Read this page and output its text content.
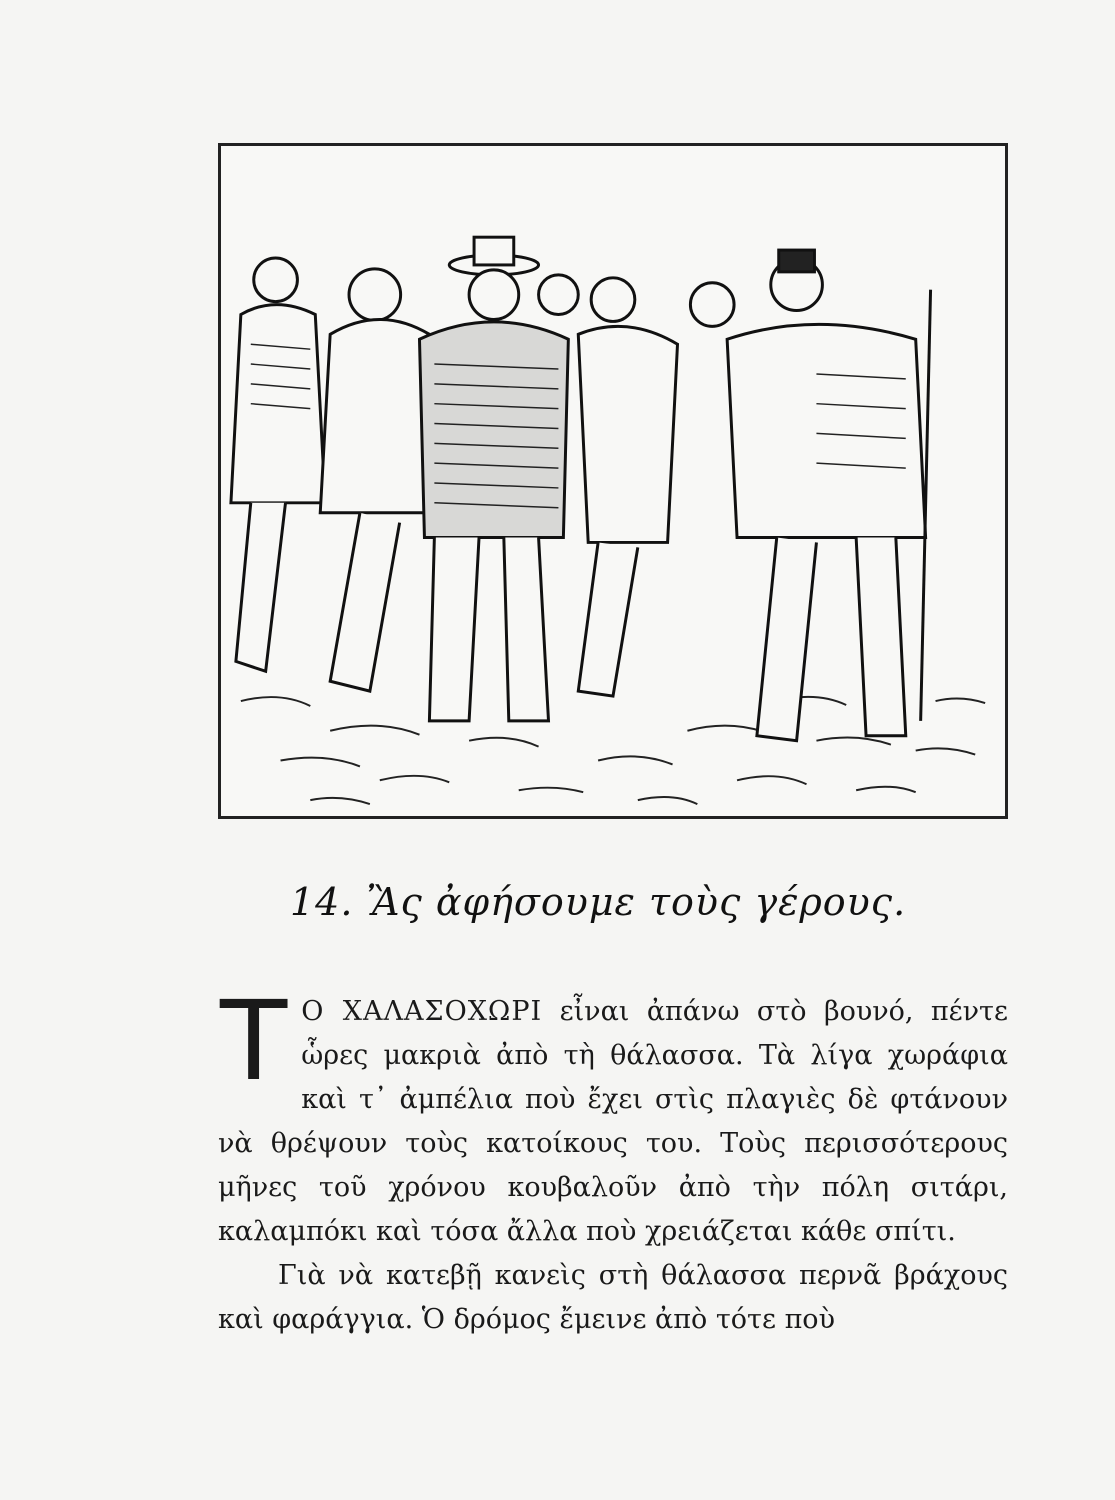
14. Ἂς ἀφήσουμε τοὺς γέρους.

Τ Ο ΧΑΛΑΣΟΧΩΡΙ εἶναι ἀπάνω στὸ βουνό, πέντε ὧρες μακριὰ ἀπὸ τὴ θάλασσα. Τὰ λίγα χωράφια καὶ τ᾿ ἀμπέλια ποὺ ἔχει στὶς πλαγιὲς δὲ φτάνουν νὰ θρέψουν τοὺς κατοίκους του. Τοὺς περισσότερους μῆνες τοῦ χρόνου κουβαλοῦν ἀπὸ τὴν πόλη σιτάρι, καλαμπόκι καὶ τόσα ἄλλα ποὺ χρειάζεται κάθε σπίτι.

Γιὰ νὰ κατεβῇ κανεὶς στὴ θάλασσα περνᾶ βράχους καὶ φαράγγια. Ὁ δρόμος ἔμεινε ἀπὸ τότε ποὺ
